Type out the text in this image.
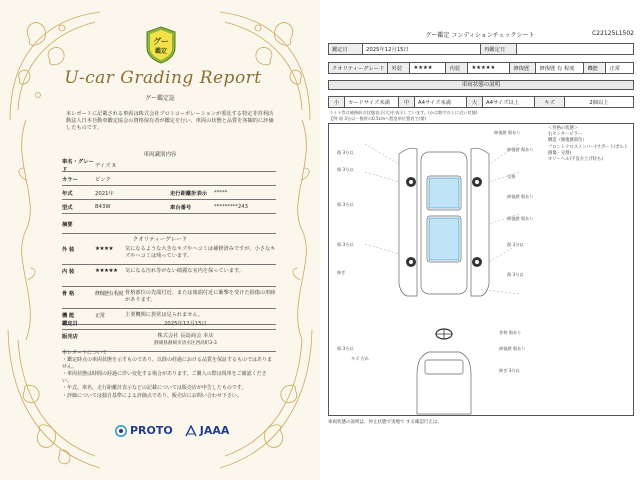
グー
鑑定
U-car Grading Report
グー鑑定証
本レポートに記載される車両は株式会社プロトコーポレーションが委託する特定非営利活動法人日本自動車鑑定協会の資格保有者が鑑定を行い、車両の状態と品質を客観的に評価したものです。
車両識別内容
車名・グレード
デイズ X
カラー	ピンク
年式	2021年	走行距離計表示	*****
型式	B43W	車台番号	*********243
摘要
クオリティーグレード
外 装	★★★★	気になるような大きなキズやヘコミは補修済みですが、小さなキズやヘコミは残っています。
内 装	★★★★★	気になる汚れ等がない綺麗な室内を保っています。
骨 格	修復歴有 程度 骨格部位の先端付近、または後端付近に衝撃を受けた損傷の形跡があります。
機 能	正常	主要機関に異常は見られません。
鑑定日	2025年12月15日
販売店	株式会社 長島商会 本店
静岡県静岡市清水区西高町3-3
本レポートについて
・鑑定時点の車両状態を示すものであり、以降の経過における品質を保証するものではありません。
・車両状態は時間の経過に伴い変化する場合があります。ご購入の際は現車をご確認ください。
・年式、車名、走行距離計表示などの記載については販売店が申告したものです。
・評価については独自基準による評価点であり、販売店にお問い合わせ下さい。
PROTO JAAA
グー鑑定 コンディションチェックシート	C22125L1502
鑑定日	2025年12月15日	再鑑定日	
クオリティーグレード	外装	★★★★	内装	★★★★★	修復歴	修復歴 有 程度	機能	正常
車両状態の説明
小	カードサイズ未満	中	A4サイズ未満	大	A4サイズ以上	キズ	2個以上
ライト等は補修前の状態表示(大)を表示しています。(かは数字の上に近い状態)
【例 項 3分以一箇所の0.5cmへ程度単位置表で(傷)
修復歴 傷あり
傷 3分以
修復歴 傷あり
傷 3分以
交換
修復歴 傷あり
傷 3分以
修復歴 傷あり
傷 3分以	傷 3分以
修ぎ	傷 3分以
骨格 傷あり
修復歴 傷あり
傷 3分以
キズ 汚れ
修ぎ 3分以
＜骨格の状態＞
右センターピラー
構造（修復歴部位）
フロントクロスメンバー(サポート/ボルト損傷・分割)
オリーヘル(不良方上げ状も)
車両状態の説明は、停止状態で実地で する確認行えは。
